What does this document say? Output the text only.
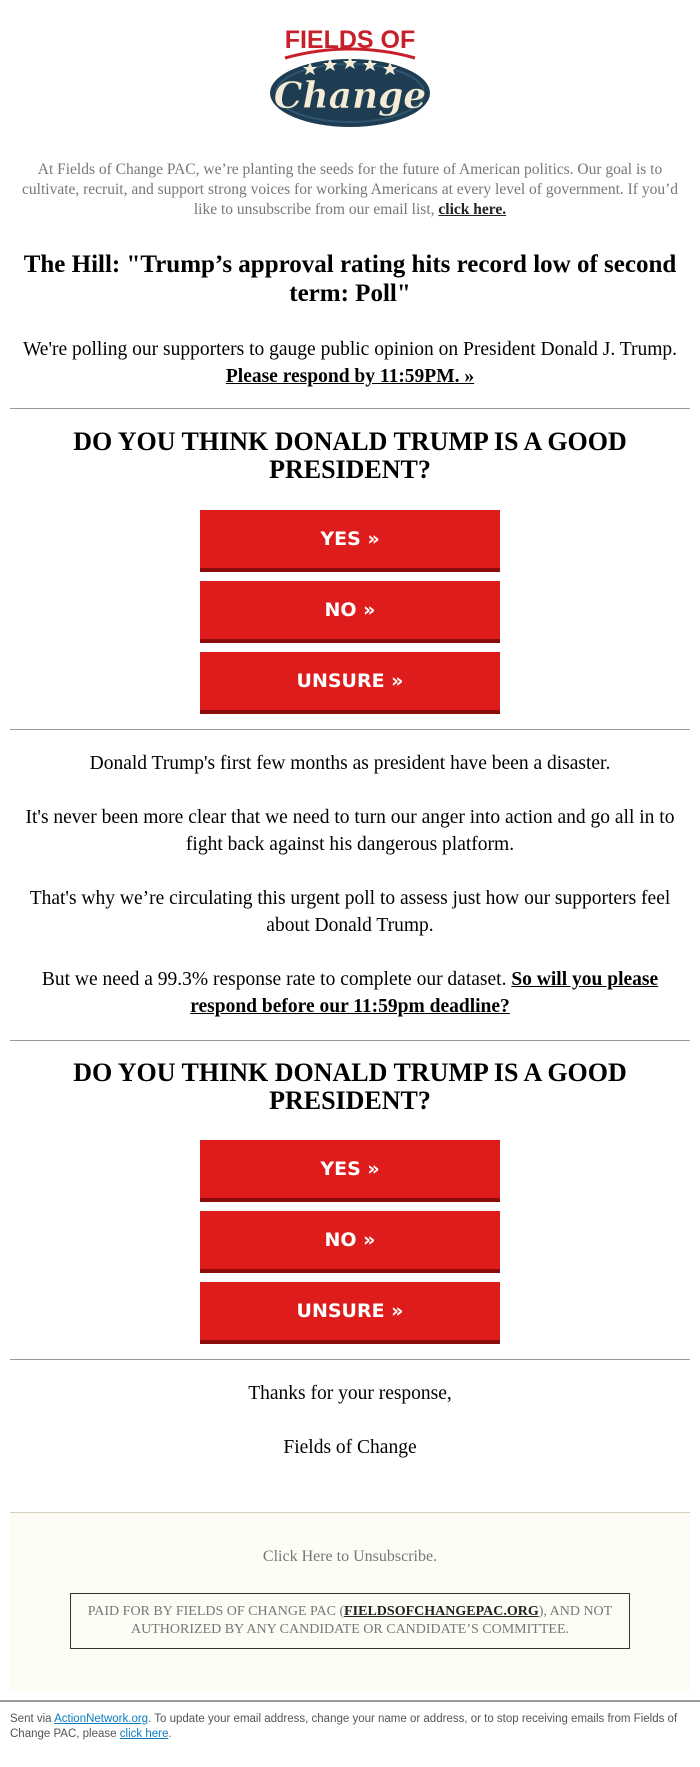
FIELDS OF
Change
At Fields of Change PAC, we’re planting the seeds for the future of American politics. Our goal is to cultivate, recruit, and support strong voices for working Americans at every level of government. If you’d like to unsubscribe from our email list, click here.
The Hill: "Trump’s approval rating hits record low of second term: Poll"
We're polling our supporters to gauge public opinion on President Donald J. Trump.
Please respond by 11:59PM. »
DO YOU THINK DONALD TRUMP IS A GOOD PRESIDENT?
YES »
NO »
UNSURE »

Donald Trump's first few months as president have been a disaster.

It's never been more clear that we need to turn our anger into action and go all in to fight back against his dangerous platform.

That's why we’re circulating this urgent poll to assess just how our supporters feel about Donald Trump.

But we need a 99.3% response rate to complete our dataset. So will you please respond before our 11:59pm deadline?

DO YOU THINK DONALD TRUMP IS A GOOD PRESIDENT?
YES »
NO »
UNSURE »
Thanks for your response,
Fields of Change
Click Here to Unsubscribe.
PAID FOR BY FIELDS OF CHANGE PAC (FIELDSOFCHANGEPAC.ORG), AND NOT AUTHORIZED BY ANY CANDIDATE OR CANDIDATE’S COMMITTEE.
Sent via ActionNetwork.org. To update your email address, change your name or address, or to stop receiving emails from Fields of Change PAC, please click here.
